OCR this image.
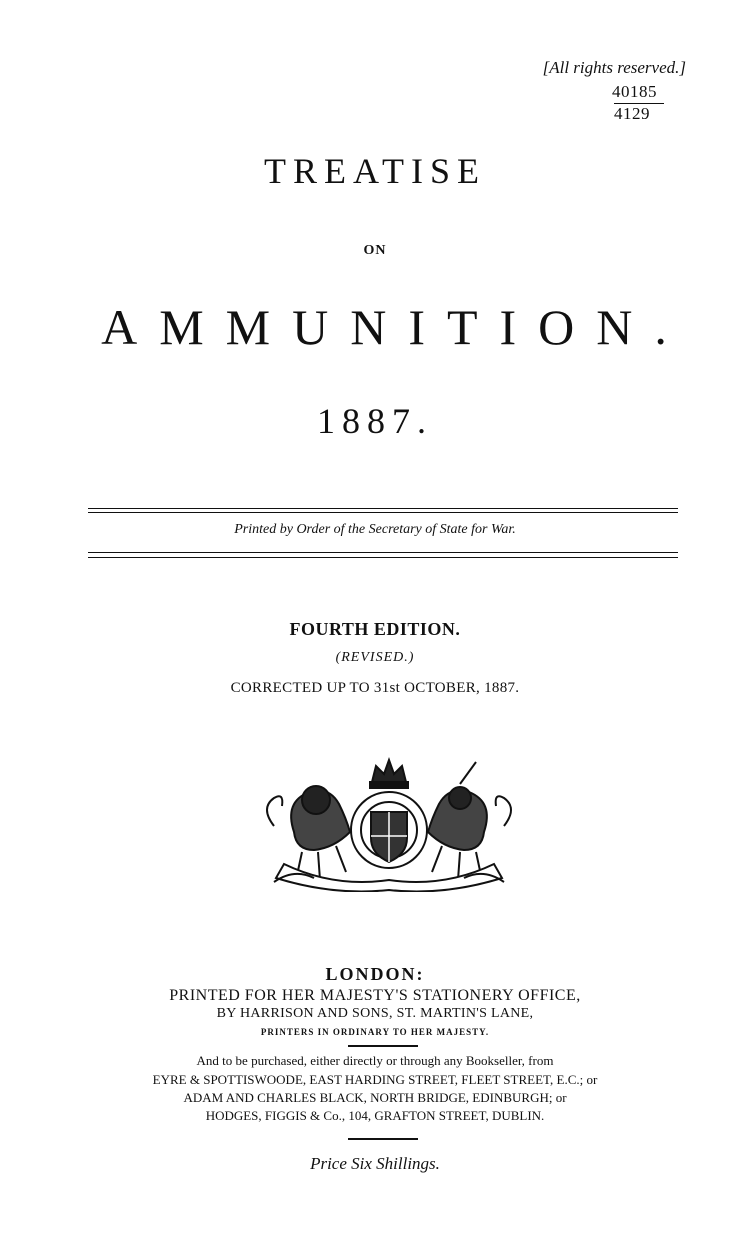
[All rights reserved.]
40185
4129
TREATISE
ON
AMMUNITION.
1887.
Printed by Order of the Secretary of State for War.
FOURTH EDITION.
(REVISED.)
CORRECTED UP TO 31st OCTOBER, 1887.
LONDON:
PRINTED FOR HER MAJESTY'S STATIONERY OFFICE,
BY HARRISON AND SONS, ST. MARTIN'S LANE,
PRINTERS IN ORDINARY TO HER MAJESTY.
And to be purchased, either directly or through any Bookseller, from
EYRE & SPOTTISWOODE, EAST HARDING STREET, FLEET STREET, E.C.; or
ADAM AND CHARLES BLACK, NORTH BRIDGE, EDINBURGH; or
HODGES, FIGGIS & Co., 104, GRAFTON STREET, DUBLIN.
Price Six Shillings.
